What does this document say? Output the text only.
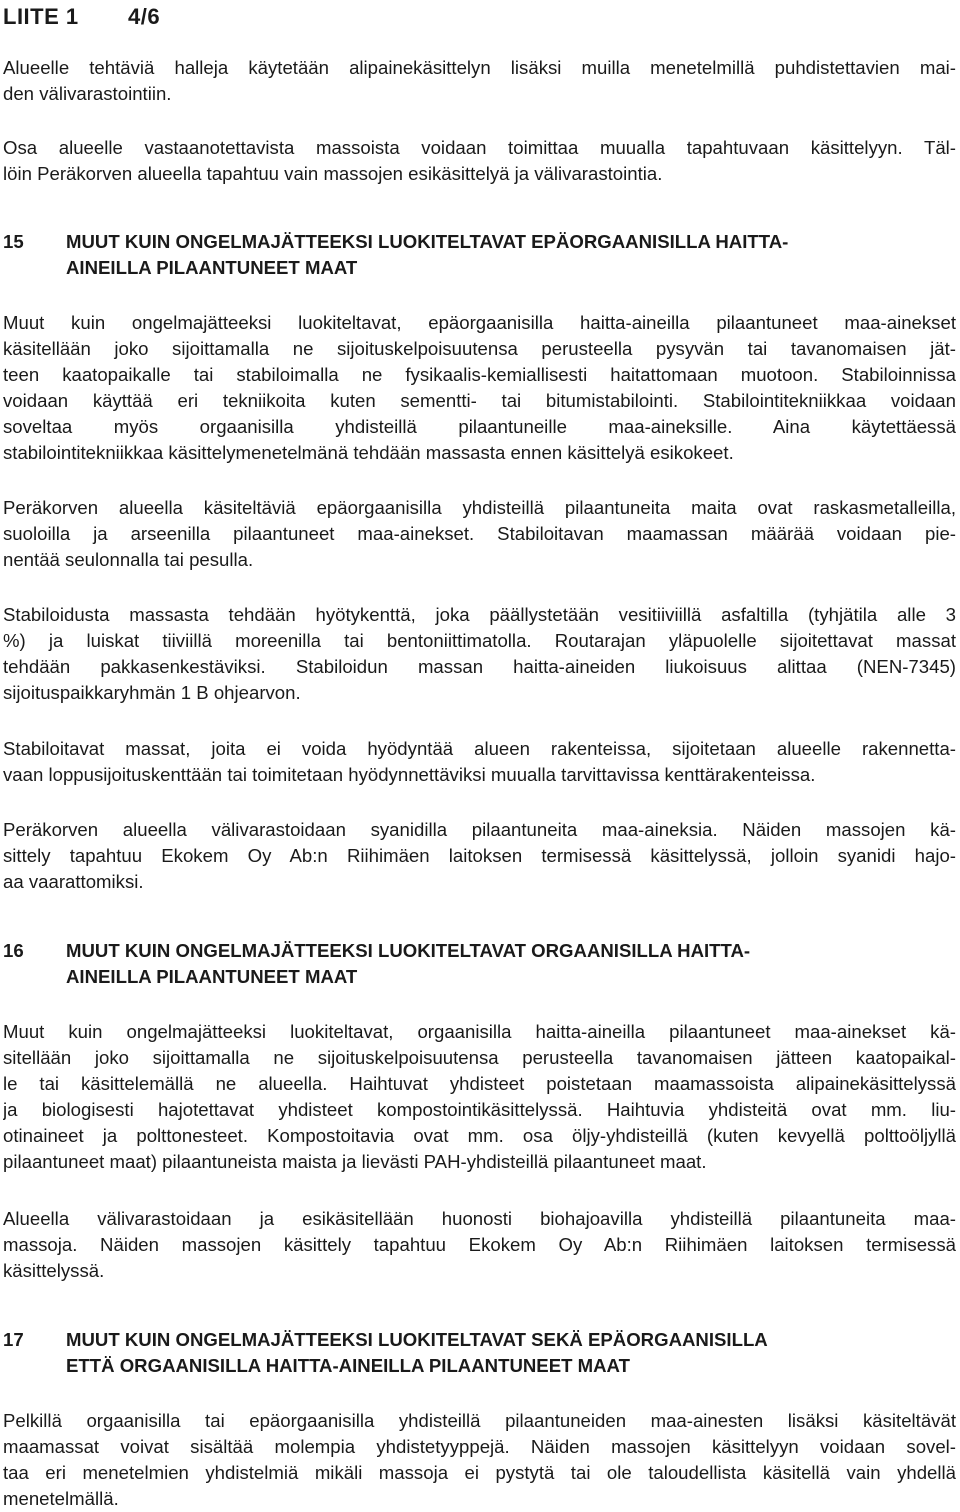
LIITE 1 4/6
Alueelle tehtäviä halleja käytetään alipainekäsittelyn lisäksi muilla menetelmillä puhdistettavien mai-
den välivarastointiin.
Osa alueelle vastaanotettavista massoista voidaan toimittaa muualla tapahtuvaan käsittelyyn. Täl-
löin Peräkorven alueella tapahtuu vain massojen esikäsittelyä ja välivarastointia.
15 MUUT KUIN ONGELMAJÄTTEEKSI LUOKITELTAVAT EPÄORGAANISILLA HAITTA-
AINEILLA PILAANTUNEET MAAT
Muut kuin ongelmajätteeksi luokiteltavat, epäorgaanisilla haitta-aineilla pilaantuneet maa-ainekset
käsitellään joko sijoittamalla ne sijoituskelpoisuutensa perusteella pysyvän tai tavanomaisen jät-
teen kaatopaikalle tai stabiloimalla ne fysikaalis-kemiallisesti haitattomaan muotoon. Stabiloinnissa
voidaan käyttää eri tekniikoita kuten sementti- tai bitumistabilointi. Stabilointitekniikkaa voidaan
soveltaa myös orgaanisilla yhdisteillä pilaantuneille maa-aineksille. Aina käytettäessä
stabilointitekniikkaa käsittelymenetelmänä tehdään massasta ennen käsittelyä esikokeet.
Peräkorven alueella käsiteltäviä epäorgaanisilla yhdisteillä pilaantuneita maita ovat raskasmetalleilla,
suoloilla ja arseenilla pilaantuneet maa-ainekset. Stabiloitavan maamassan määrää voidaan pie-
nentää seulonnalla tai pesulla.
Stabiloidusta massasta tehdään hyötykenttä, joka päällystetään vesitiiviillä asfaltilla (tyhjätila alle 3
%) ja luiskat tiiviillä moreenilla tai bentoniittimatolla. Routarajan yläpuolelle sijoitettavat massat
tehdään pakkasenkestäviksi. Stabiloidun massan haitta-aineiden liukoisuus alittaa (NEN-7345)
sijoituspaikkaryhmän 1 B ohjearvon.
Stabiloitavat massat, joita ei voida hyödyntää alueen rakenteissa, sijoitetaan alueelle rakennetta-
vaan loppusijoituskenttään tai toimitetaan hyödynnettäviksi muualla tarvittavissa kenttärakenteissa.
Peräkorven alueella välivarastoidaan syanidilla pilaantuneita maa-aineksia. Näiden massojen kä-
sittely tapahtuu Ekokem Oy Ab:n Riihimäen laitoksen termisessä käsittelyssä, jolloin syanidi hajo-
aa vaarattomiksi.
16 MUUT KUIN ONGELMAJÄTTEEKSI LUOKITELTAVAT ORGAANISILLA HAITTA-
AINEILLA PILAANTUNEET MAAT
Muut kuin ongelmajätteeksi luokiteltavat, orgaanisilla haitta-aineilla pilaantuneet maa-ainekset kä-
sitellään joko sijoittamalla ne sijoituskelpoisuutensa perusteella tavanomaisen jätteen kaatopaikal-
le tai käsittelemällä ne alueella. Haihtuvat yhdisteet poistetaan maamassoista alipainekäsittelyssä
ja biologisesti hajotettavat yhdisteet kompostointikäsittelyssä. Haihtuvia yhdisteitä ovat mm. liu-
otinaineet ja polttonesteet. Kompostoitavia ovat mm. osa öljy-yhdisteillä (kuten kevyellä polttoöljyllä
pilaantuneet maat) pilaantuneista maista ja lievästi PAH-yhdisteillä pilaantuneet maat.
Alueella välivarastoidaan ja esikäsitellään huonosti biohajoavilla yhdisteillä pilaantuneita maa-
massoja. Näiden massojen käsittely tapahtuu Ekokem Oy Ab:n Riihimäen laitoksen termisessä
käsittelyssä.
17 MUUT KUIN ONGELMAJÄTTEEKSI LUOKITELTAVAT SEKÄ EPÄORGAANISILLA
ETTÄ ORGAANISILLA HAITTA-AINEILLA PILAANTUNEET MAAT
Pelkillä orgaanisilla tai epäorgaanisilla yhdisteillä pilaantuneiden maa-ainesten lisäksi käsiteltävät
maamassat voivat sisältää molempia yhdistetyyppejä. Näiden massojen käsittelyyn voidaan sovel-
taa eri menetelmien yhdistelmiä mikäli massoja ei pystytä tai ole taloudellista käsitellä vain yhdellä
menetelmällä.
